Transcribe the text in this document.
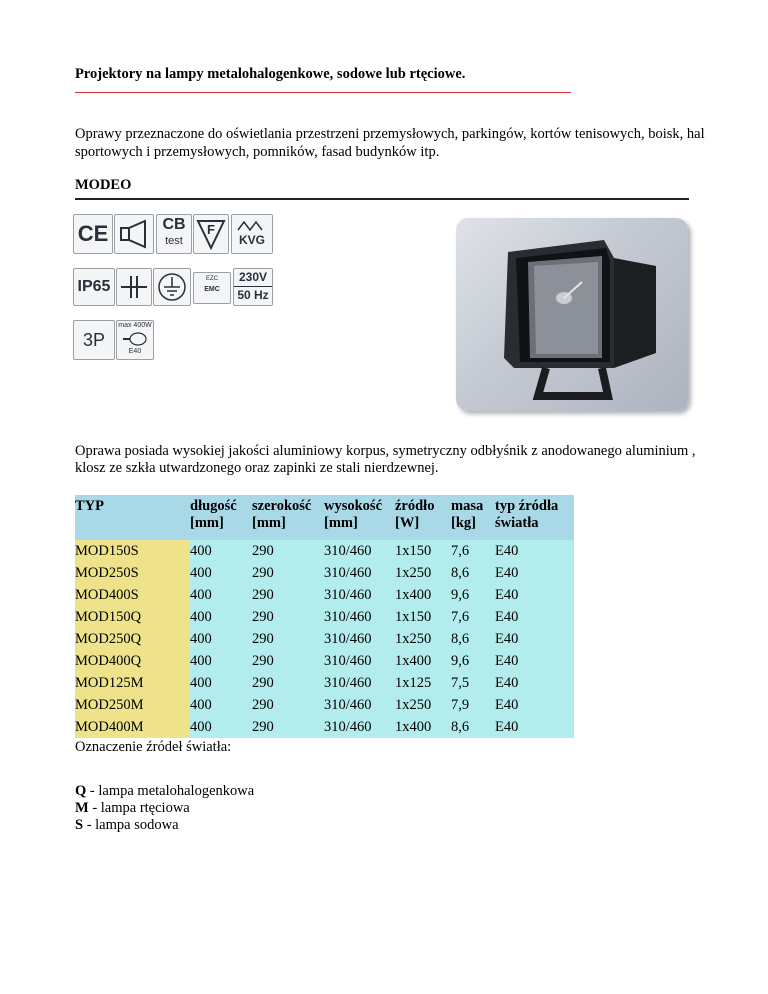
Projektory na lampy metalohalogenkowe, sodowe lub rtęciowe.
Oprawy przeznaczone do oświetlania przestrzeni przemysłowych, parkingów, kortów tenisowych, boisk, hal sportowych i przemysłowych, pomników, fasad budynków itp.
MODEO
CE	CB
test
F
KVG
IP65	EZC
EMC
230V
50 Hz
3P
max 400W
E40
Oprawa posiada wysokiej jakości aluminiowy korpus, symetryczny odbłyśnik z anodowanego aluminium , klosz ze szkła utwardzonego oraz zapinki ze stali nierdzewnej.
TYP	długość [mm]	szerokość [mm]	wysokość [mm]	źródło [W]	masa [kg]	typ źródła światła
MOD150S	400	290	310/460	1x150	7,6	E40
MOD250S	400	290	310/460	1x250	8,6	E40
MOD400S	400	290	310/460	1x400	9,6	E40
MOD150Q	400	290	310/460	1x150	7,6	E40
MOD250Q	400	290	310/460	1x250	8,6	E40
MOD400Q	400	290	310/460	1x400	9,6	E40
MOD125M	400	290	310/460	1x125	7,5	E40
MOD250M	400	290	310/460	1x250	7,9	E40
MOD400M	400	290	310/460	1x400	8,6	E40
Oznaczenie źródeł światła:
Q - lampa metalohalogenkowa
M - lampa rtęciowa
S - lampa sodowa
